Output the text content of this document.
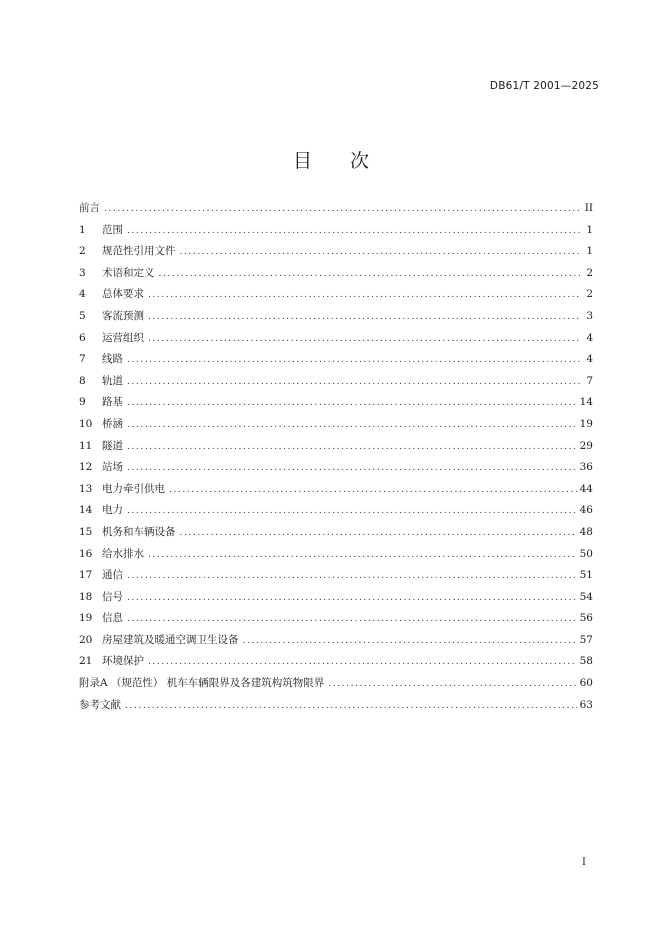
DB61/T 2001—2025
目 次
前言 .....	II
1	范围 .....	1
2	规范性引用文件 .....	1
3	术语和定义 .....	2
4	总体要求 .....	2
5	客流预测 .....	3
6	运营组织 .....	4
7	线路 .....	4
8	轨道 .....	7
9	路基 .....	14
10 桥涵 .....	19
11 隧道 .....	29
12 站场 .....	36
13 电力牵引供电 .....	44
14 电力 .....	46
15 机务和车辆设备 .....	48
16 给水排水 .....	50
17 通信 .....	51
18 信号 .....	54
19 信息 .....	56
20 房屋建筑及暖通空调卫生设备 .....	57
21 环境保护 .....	58
附录A （规范性） 机车车辆限界及各建筑构筑物限界 .....	60
参考文献 .....	63
I
